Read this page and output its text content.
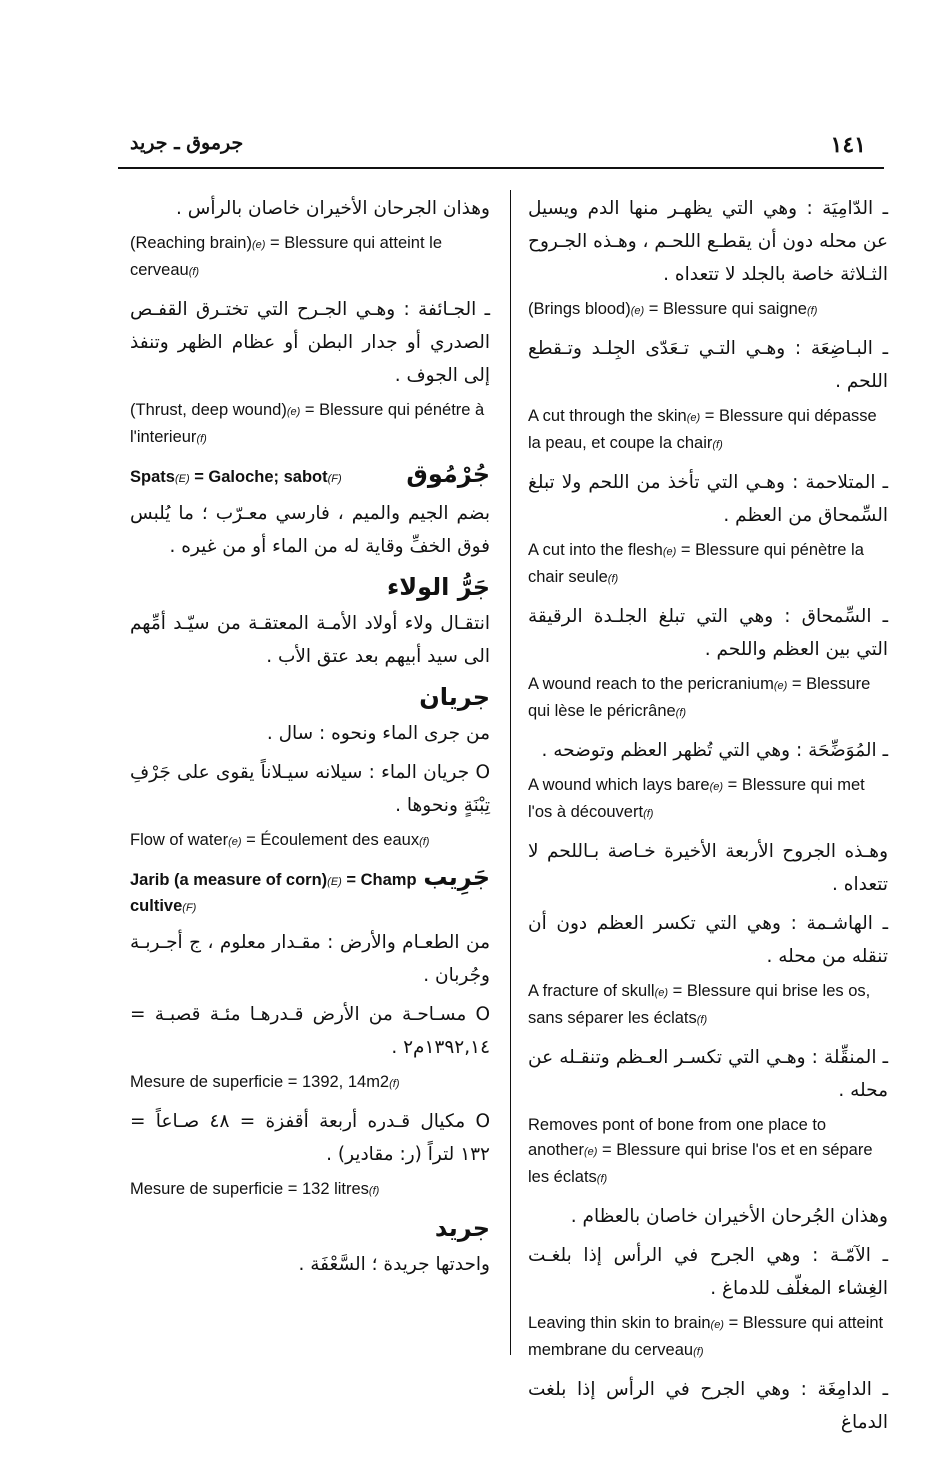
١٤١
جرموق ـ جريد

ـ الدّامِيَة : وهي التي يظهـر منها الدم ويسيل عن محله دون أن يقطـع اللحـم ، وهـذه الجـروح الثـلاثة خاصة بالجلد لا تتعداه .

(Brings blood)(e) = Blessure qui saigne(f)

ـ البـاضِعَة : وهـي التـي تـعَدّى الجِلـد وتـقطع اللحم .

A cut through the skin(e) = Blessure qui dépasse la peau, et coupe la chair(f)

ـ المتلاحمة : وهـي التي تأخذ من اللحم ولا تبلغ السِّمحاق من العظم .

A cut into the flesh(e) = Blessure qui pénètre la chair seule(f)

ـ السِّمحاق : وهي التي تبلغ الجلـدة الرقيقة التي بين العظم واللحم .

A wound reach to the pericranium(e) = Blessure qui lèse le péricrâne(f)

ـ المُوَضِّحَة : وهي التي تُظهر العظم وتوضحه .

A wound which lays bare(e) = Blessure qui met l'os à découvert(f)

وهـذه الجروح الأربعة الأخيرة خـاصة بـاللحم لا تتعداه .

ـ الهاشـمة : وهي التي تكسر العظم دون أن تنقله من محله .

A fracture of skull(e) = Blessure qui brise les os, sans séparer les éclats(f)

ـ المنقِّلة : وهـي التي تكسـر العـظم وتنقـله عن محله .

Removes pont of bone from one place to another(e) = Blessure qui brise l'os et en sépare les éclats(f)

وهذان الجُرحان الأخيران خاصان بالعظام .

ـ الآمّـة : وهي الجرح في الرأس إذا بلغـت الغِشاء المغلّف للدماغ .

Leaving thin skin to brain(e) = Blessure qui atteint membrane du cerveau(f)

ـ الدامِغَة : وهي الجرح في الرأس إذا بلغت الدماغ

وهذان الجرحان الأخيران خاصان بالرأس .

(Reaching brain)(e) = Blessure qui atteint le cerveau(f)

ـ الجـائفة : وهـي الجـرح التي تختـرق القفـص الصدري أو جدار البطن أو عظام الظهر وتنفذ إلى الجوف .

(Thrust, deep wound)(e) = Blessure qui pénétre à l'interieur(f)

Spats(E) = Galoche; sabot(F)	جُرْمُوق

بضم الجيم والميم ، فارسي معـرّب ؛ ما يُلبس فوق الخفِّ وقاية له من الماء أو من غيره .

جَرُّ الولاء

انتقـال ولاء أولاد الأمـة المعتقـة من سيّـد أمِّهم الى سيد أبيهم بعد عتق الأب .

جريان

من جرى الماء ونحوه : سال .

O جريان الماء : سيلانه سيـلاناً يقوى على جَرْفِ تِبْنَةٍ ونحوها .

Flow of water(e) = Écoulement des eaux(f)

Jarib (a measure of corn)(E) = Champ cultive(F)
جَرِيب

من الطعـام والأرض : مقـدار معلوم ، ج أجـربـة وجُربان .

O مسـاحـة من الأرض قـدرهـا مئـة قصبـة = ١٣٩٢,١٤م٢ .

Mesure de superficie = 1392, 14m2(f)

O مكيال قـدره أربعة أقفزة = ٤٨ صـاعاً = ١٣٢ لتراً (ر: مقادير) .

Mesure de superficie = 132 litres(f)

جريد

واحدتها جريدة ؛ السَّعْفَة .
